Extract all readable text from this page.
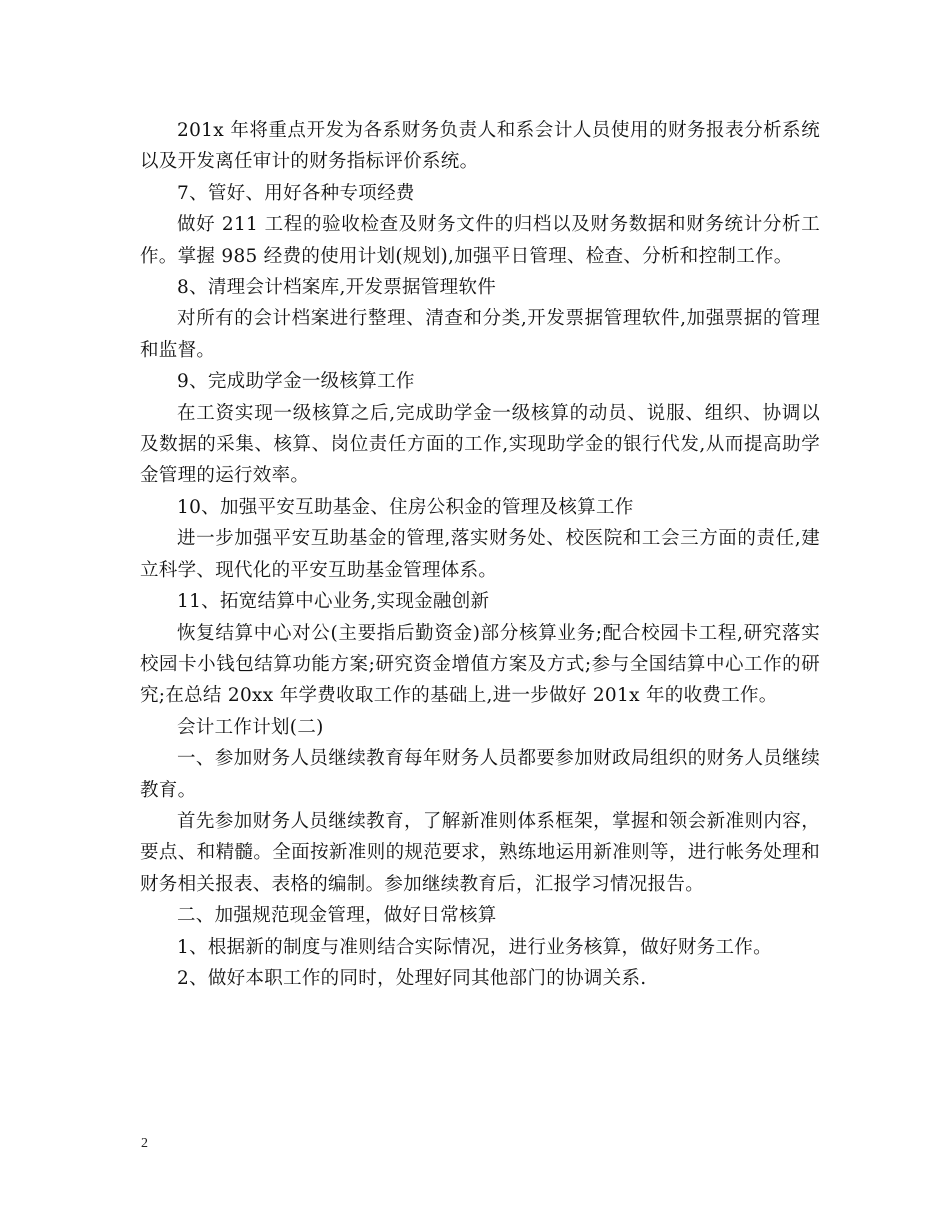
201x 年将重点开发为各系财务负责人和系会计人员使用的财务报表分析系统以及开发离任审计的财务指标评价系统。

7、管好、用好各种专项经费

做好 211 工程的验收检查及财务文件的归档以及财务数据和财务统计分析工作。掌握 985 经费的使用计划(规划),加强平日管理、检查、分析和控制工作。

8、清理会计档案库,开发票据管理软件

对所有的会计档案进行整理、清查和分类,开发票据管理软件,加强票据的管理和监督。

9、完成助学金一级核算工作

在工资实现一级核算之后,完成助学金一级核算的动员、说服、组织、协调以及数据的采集、核算、岗位责任方面的工作,实现助学金的银行代发,从而提高助学金管理的运行效率。

10、加强平安互助基金、住房公积金的管理及核算工作

进一步加强平安互助基金的管理,落实财务处、校医院和工会三方面的责任,建立科学、现代化的平安互助基金管理体系。

11、拓宽结算中心业务,实现金融创新

恢复结算中心对公(主要指后勤资金)部分核算业务;配合校园卡工程,研究落实校园卡小钱包结算功能方案;研究资金增值方案及方式;参与全国结算中心工作的研究;在总结 20xx 年学费收取工作的基础上,进一步做好 201x 年的收费工作。

会计工作计划(二)

一、参加财务人员继续教育每年财务人员都要参加财政局组织的财务人员继续教育。

首先参加财务人员继续教育，了解新准则体系框架，掌握和领会新准则内容，要点、和精髓。全面按新准则的规范要求，熟练地运用新准则等，进行帐务处理和财务相关报表、表格的编制。参加继续教育后，汇报学习情况报告。

二、加强规范现金管理，做好日常核算

1、根据新的制度与准则结合实际情况，进行业务核算，做好财务工作。

2、做好本职工作的同时，处理好同其他部门的协调关系.

2
